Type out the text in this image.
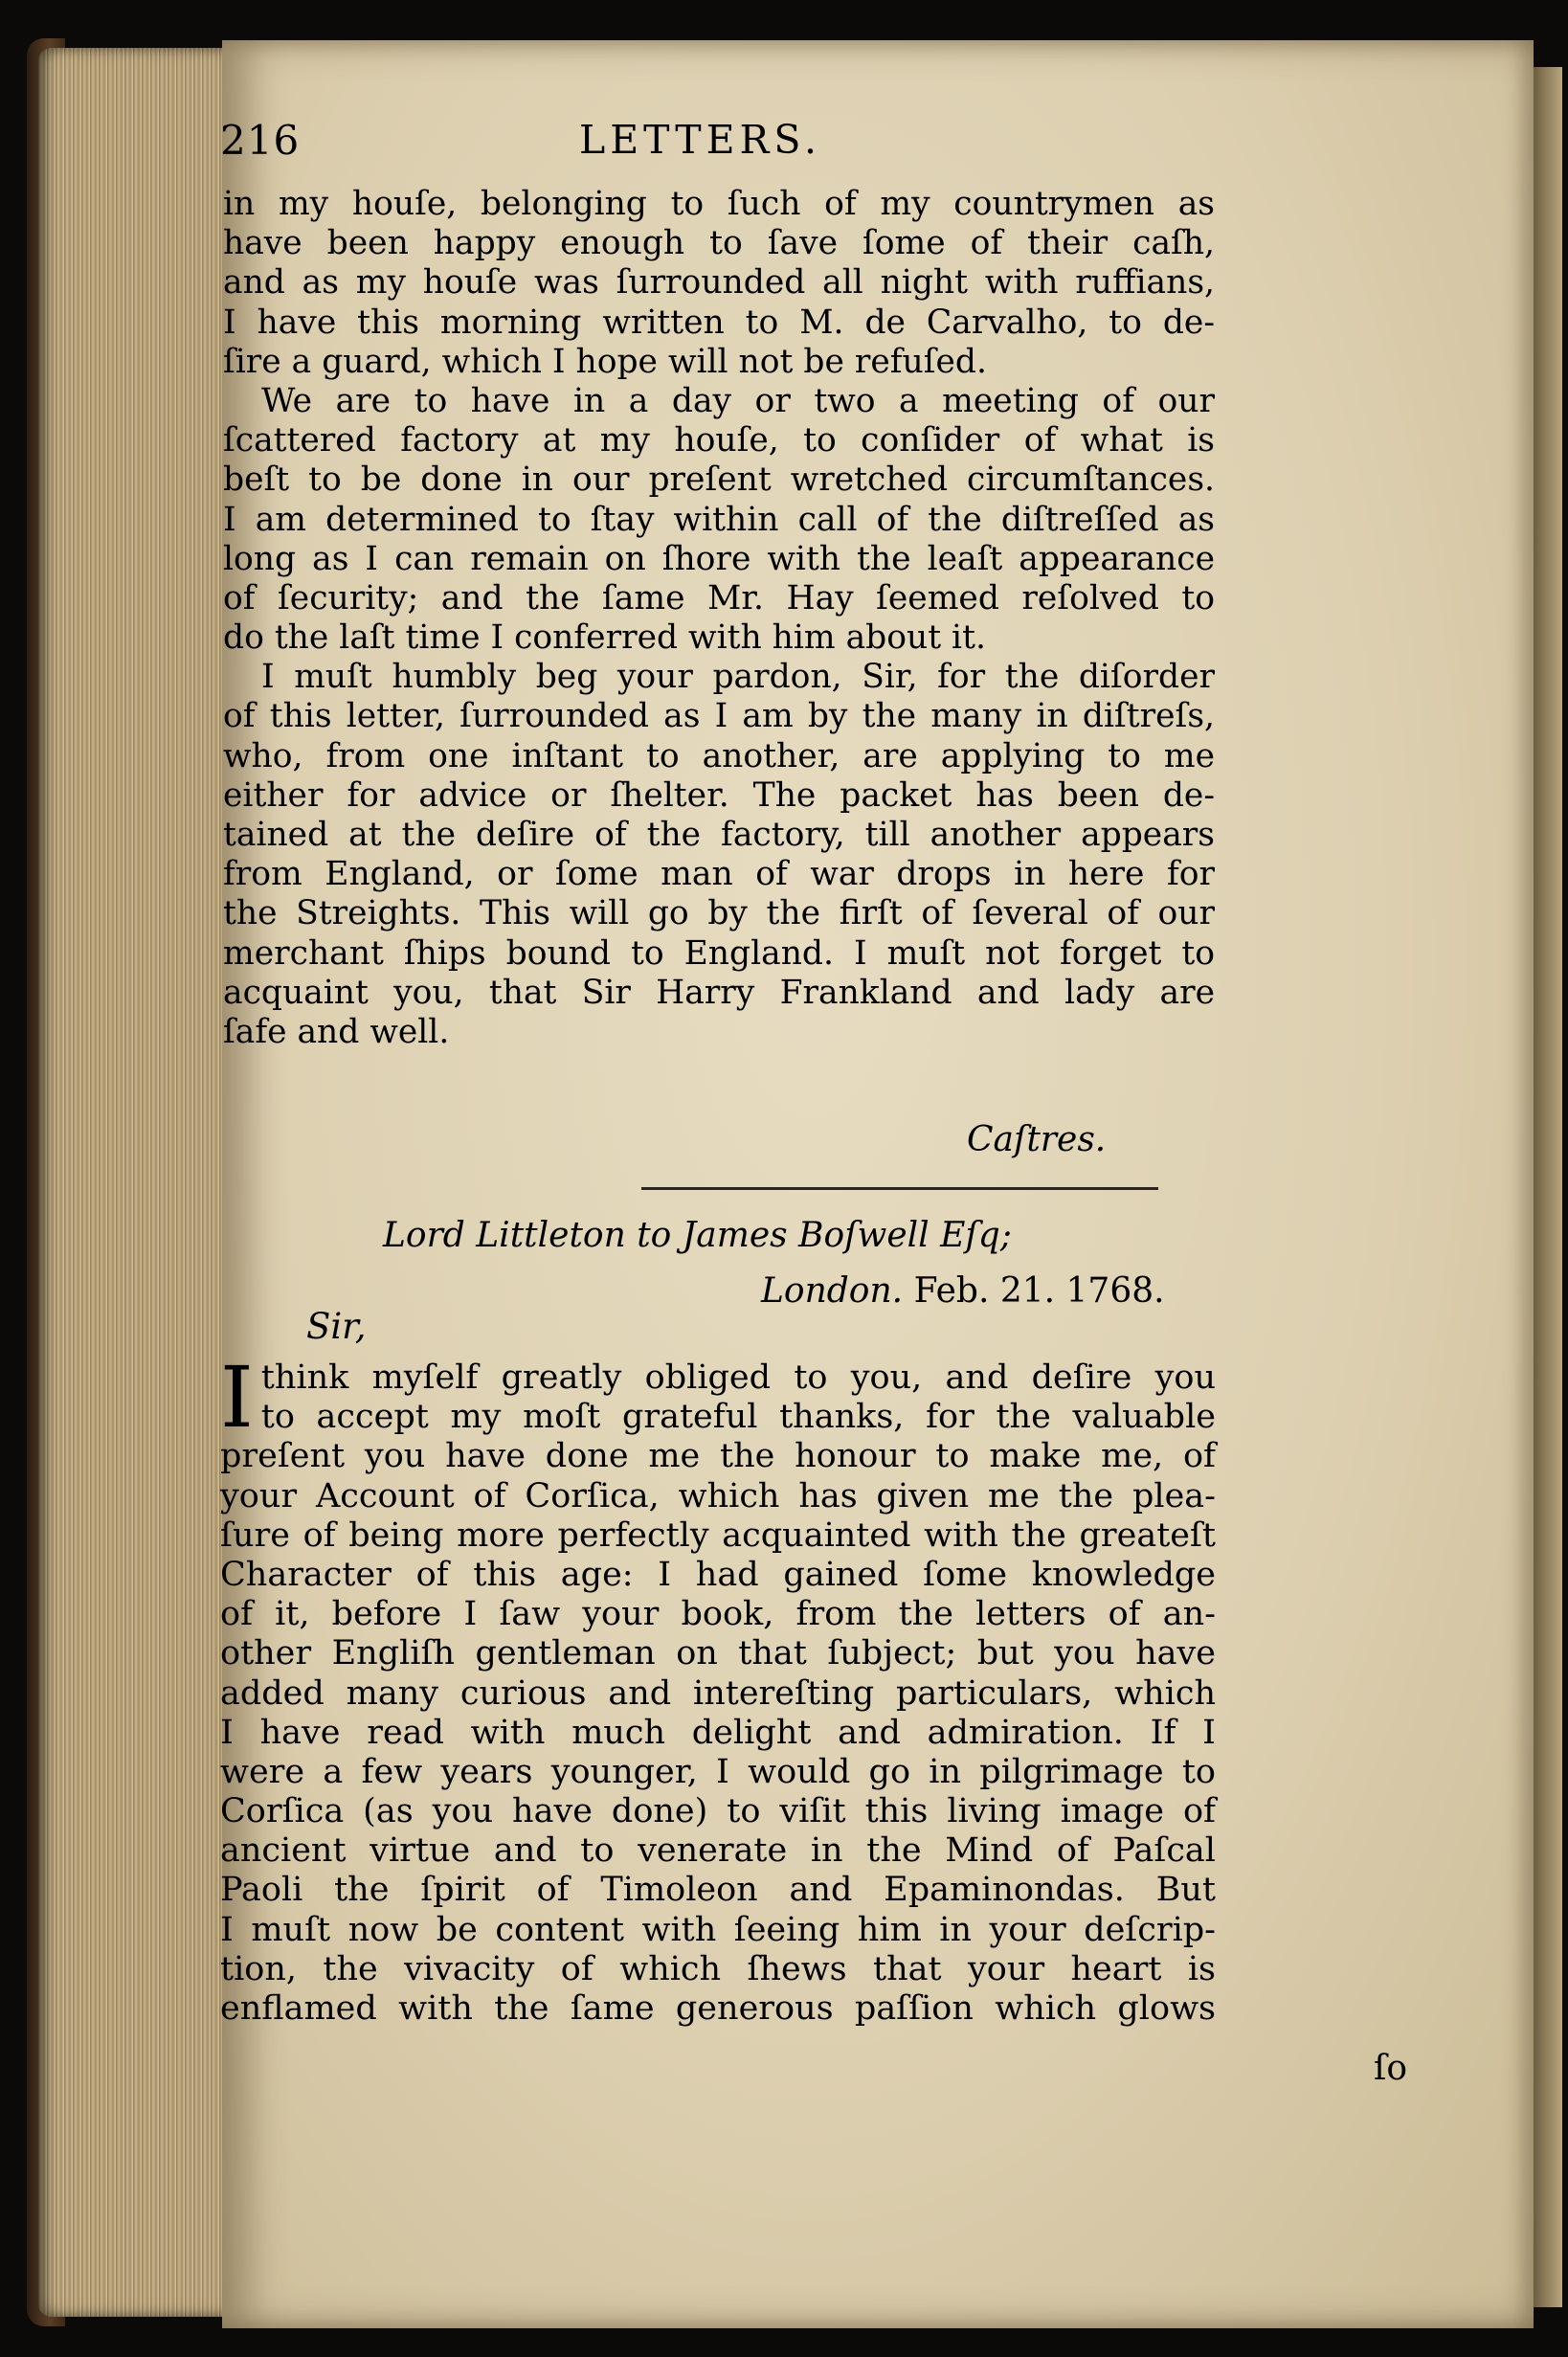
216	LETTERS.
in my houſe, belonging to ſuch of my countrymen as
have been happy enough to ſave ſome of their caſh,
and as my houſe was ſurrounded all night with ruffians,
I have this morning written to M. de Carvalho, to de-
ſire a guard, which I hope will not be refuſed.
We are to have in a day or two a meeting of our
ſcattered factory at my houſe, to conſider of what is
beſt to be done in our preſent wretched circumſtances.
I am determined to ſtay within call of the diſtreſſed as
long as I can remain on ſhore with the leaſt appearance
of ſecurity; and the ſame Mr. Hay ſeemed reſolved to
do the laſt time I conferred with him about it.
I muſt humbly beg your pardon, Sir, for the diſorder
of this letter, ſurrounded as I am by the many in diſtreſs,
who, from one inſtant to another, are applying to me
either for advice or ſhelter. The packet has been de-
tained at the deſire of the factory, till another appears
from England, or ſome man of war drops in here for
the Streights. This will go by the firſt of ſeveral of our
merchant ſhips bound to England. I muſt not forget to
acquaint you, that Sir Harry Frankland and lady are
ſafe and well.
Caſtres.
Lord Littleton to James Boſwell Eſq;
London. Feb. 21. 1768.
Sir,
I think myſelf greatly obliged to you, and deſire you
to accept my moſt grateful thanks, for the valuable
preſent you have done me the honour to make me, of
your Account of Corſica, which has given me the plea-
ſure of being more perfectly acquainted with the greateſt
Character of this age: I had gained ſome knowledge
of it, before I ſaw your book, from the letters of an-
other Engliſh gentleman on that ſubject; but you have
added many curious and intereſting particulars, which
I have read with much delight and admiration. If I
were a few years younger, I would go in pilgrimage to
Corſica (as you have done) to viſit this living image of
ancient virtue and to venerate in the Mind of Paſcal
Paoli the ſpirit of Timoleon and Epaminondas. But
I muſt now be content with ſeeing him in your deſcrip-
tion, the vivacity of which ſhews that your heart is
enflamed with the ſame generous paſſion which glows
ſo
